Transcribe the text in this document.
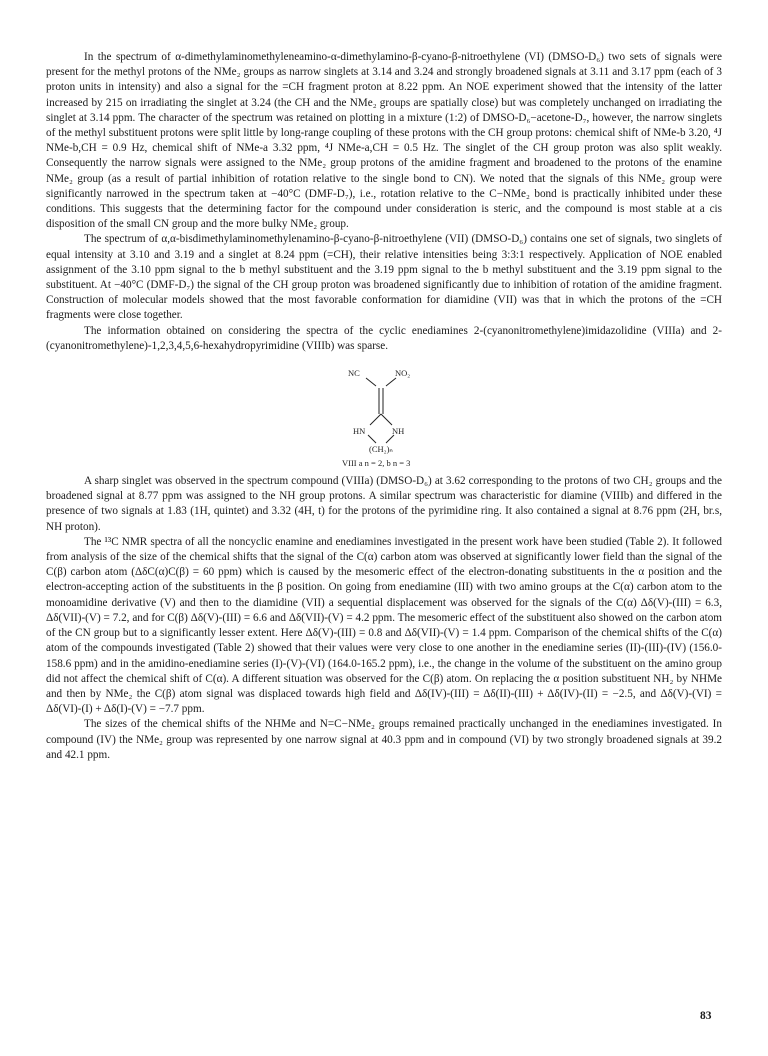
In the spectrum of α-dimethylaminomethyleneamino-α-dimethylamino-β-cyano-β-nitroethylene (VI) (DMSO-D₆) two sets of signals were present for the methyl protons of the NMe₂ groups as narrow singlets at 3.14 and 3.24 and strongly broadened signals at 3.11 and 3.17 ppm (each of 3 proton units in intensity) and also a signal for the =CH fragment proton at 8.22 ppm. An NOE experiment showed that the intensity of the latter increased by 215 on irradiating the singlet at 3.24 (the CH and the NMe₂ groups are spatially close) but was completely unchanged on irradiating the singlet at 3.14 ppm. The character of the spectrum was retained on plotting in a mixture (1:2) of DMSO-D₆−acetone-D₇, however, the narrow singlets of the methyl substituent protons were split little by long-range coupling of these protons with the CH group protons: chemical shift of NMe-b 3.20, ⁴J NMe-b,CH = 0.9 Hz, chemical shift of NMe-a 3.32 ppm, ⁴J NMe-a,CH = 0.5 Hz. The singlet of the CH group proton was also split weakly. Consequently the narrow signals were assigned to the NMe₂ group protons of the amidine fragment and broadened to the protons of the enamine NMe₂ group (as a result of partial inhibition of rotation relative to the single bond to CN). We noted that the signals of this NMe₂ group were significantly narrowed in the spectrum taken at −40°C (DMF-D₇), i.e., rotation relative to the C−NMe₂ bond is practically inhibited under these conditions. This suggests that the determining factor for the compound under consideration is steric, and the compound is most stable at a cis disposition of the small CN group and the more bulky NMe₂ group.

The spectrum of α,α-bisdimethylaminomethylenamino-β-cyano-β-nitroethylene (VII) (DMSO-D₆) contains one set of signals, two singlets of equal intensity at 3.10 and 3.19 and a singlet at 8.24 ppm (=CH), their relative intensities being 3:3:1 respectively. Application of NOE enabled assignment of the 3.10 ppm signal to the b methyl substituent and the 3.19 ppm signal to the b methyl substituent and the 3.19 ppm signal to the substituent. At −40°C (DMF-D₇) the signal of the CH group proton was broadened significantly due to inhibition of rotation of the amidine fragment. Construction of molecular models showed that the most favorable conformation for diamidine (VII) was that in which the protons of the =CH fragments were close together.

The information obtained on considering the spectra of the cyclic enediamines 2-(cyanonitromethylene)imidazolidine (VIIIa) and 2-(cyanonitromethylene)-1,2,3,4,5,6-hexahydropyrimidine (VIIIb) was sparse.

NC	NO₂
HN	NH
(CH₂)ₙ
VIII a n = 2, b n = 3

A sharp singlet was observed in the spectrum compound (VIIIa) (DMSO-D₆) at 3.62 corresponding to the protons of two CH₂ groups and the broadened signal at 8.77 ppm was assigned to the NH group protons. A similar spectrum was characteristic for diamine (VIIIb) and differed in the presence of two signals at 1.83 (1H, quintet) and 3.32 (4H, t) for the protons of the pyrimidine ring. It also contained a signal at 8.76 ppm (2H, br.s, NH proton).

The ¹³C NMR spectra of all the noncyclic enamine and enediamines investigated in the present work have been studied (Table 2). It followed from analysis of the size of the chemical shifts that the signal of the C(α) carbon atom was observed at significantly lower field than the signal of the C(β) carbon atom (ΔδC(α)C(β) = 60 ppm) which is caused by the mesomeric effect of the electron-donating substituents in the α position and the electron-accepting action of the substituents in the β position. On going from enediamine (III) with two amino groups at the C(α) carbon atom to the monoamidine derivative (V) and then to the diamidine (VII) a sequential displacement was observed for the signals of the C(α) Δδ(V)-(III) = 6.3, Δδ(VII)-(V) = 7.2, and for C(β) Δδ(V)-(III) = 6.6 and Δδ(VII)-(V) = 4.2 ppm. The mesomeric effect of the substituent also showed on the carbon atom of the CN group but to a significantly lesser extent. Here Δδ(V)-(III) = 0.8 and Δδ(VII)-(V) = 1.4 ppm. Comparison of the chemical shifts of the C(α) atom of the compounds investigated (Table 2) showed that their values were very close to one another in the enediamine series (II)-(III)-(IV) (156.0-158.6 ppm) and in the amidino-enediamine series (I)-(V)-(VI) (164.0-165.2 ppm), i.e., the change in the volume of the substituent on the amino group did not affect the chemical shift of C(α). A different situation was observed for the C(β) atom. On replacing the α position substituent NH₂ by NHMe and then by NMe₂ the C(β) atom signal was displaced towards high field and Δδ(IV)-(III) = Δδ(II)-(III) + Δδ(IV)-(II) = −2.5, and Δδ(V)-(VI) = Δδ(VI)-(I) + Δδ(I)-(V) = −7.7 ppm.

The sizes of the chemical shifts of the NHMe and N=C−NMe₂ groups remained practically unchanged in the enediamines investigated. In compound (IV) the NMe₂ group was represented by one narrow signal at 40.3 ppm and in compound (VI) by two strongly broadened signals at 39.2 and 42.1 ppm.

83
